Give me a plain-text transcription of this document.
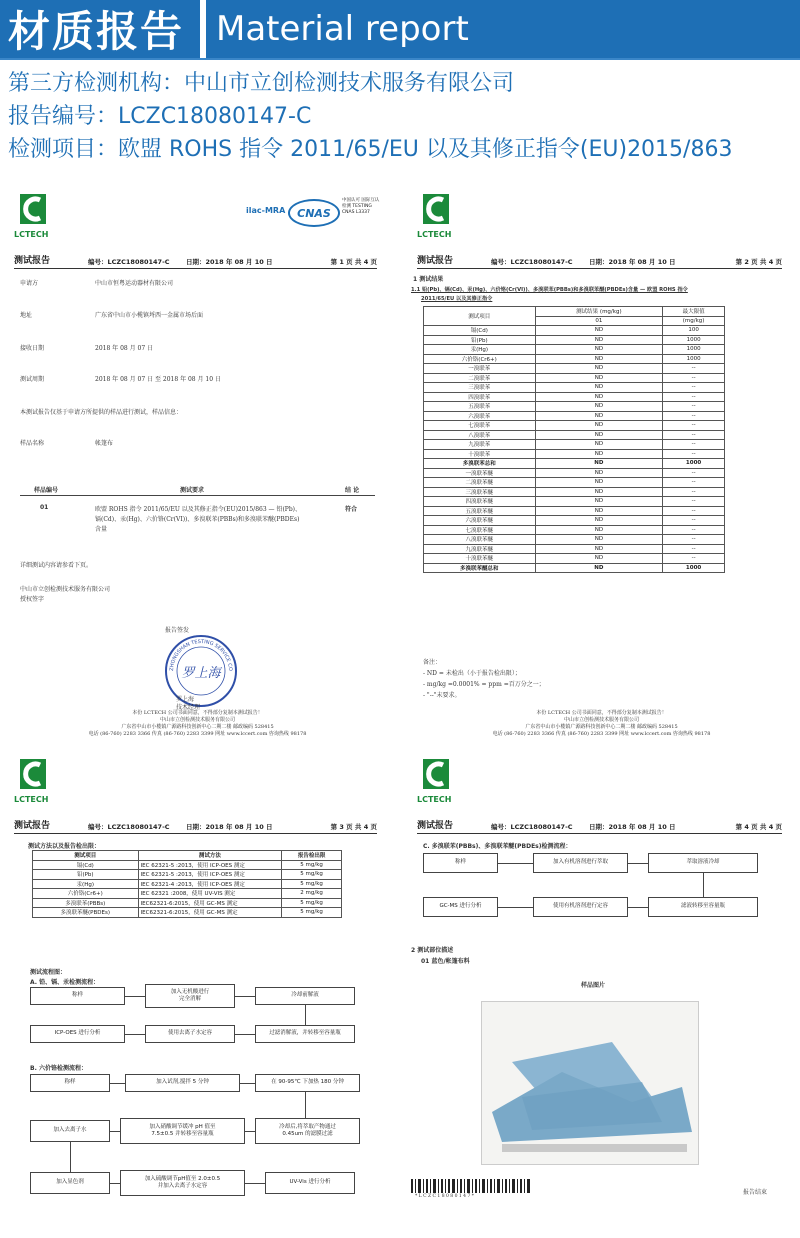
材质报告 Material report
第三方检测机构：中山市立创检测技术服务有限公司
报告编号：LCZC18080147-C
检测项目：欧盟 ROHS 指令 2011/65/EU 以及其修正指令(EU)2015/863
LCTECH
ilac-MRA	CNAS
中国认可 国际互认 检测 TESTING CNAS L3337
测试报告	编号：LCZC18080147-C	日期：2018 年 08 月 10 日	第 1 页 共 4 页
申请方	中山市恒粤运动器材有限公司
地址	广东省中山市小榄镇埒西一金属市场后面
接收日期	2018 年 08 月 07 日
测试周期	2018 年 08 月 07 日 至 2018 年 08 月 10 日
本测试报告仅基于申请方所提供的样品进行测试，样品信息：
样品名称	帐篷布
样品编号	测试要求	结 论
01	欧盟 ROHS 指令 2011/65/EU 以及其修正指令(EU)2015/863 — 铅(Pb)、
镉(Cd)、汞(Hg)、六价铬(Cr(VI))、多溴联苯(PBBs)和多溴联苯醚(PBDEs)
含量
符合
详细测试内容请参看下页。
中山市立创检测技术服务有限公司
授权签字
报告签发
ZHONGSHAN TESTING SERVICE CO
罗上海
罗上海
技术经理
本份 LCTECH 公司书面同意，不得部分复制本测试报告！
中山市立创检测技术服务有限公司
广东省中山市小榄镇广源路科技创新中心二期二楼 邮政编码 528415
电话 (86-760) 2283 3366 传真 (86-760) 2283 3399 网址 www.lccert.com 咨询热线 98178
LCTECH
测试报告	编号：LCZC18080147-C	日期：2018 年 08 月 10 日	第 2 页 共 4 页
1 测试结果
1.1 铅(Pb)、镉(Cd)、汞(Hg)、六价铬(Cr(VI))、多溴联苯(PBBs)和多溴联苯醚(PBDEs)含量 — 欧盟 ROHS 指令
2011/65/EU 以及其修正指令
测试项目	测试结果 (mg/kg)	最大限值
	01	(mg/kg)
镉(Cd)	ND	100
铅(Pb)	ND	1000
汞(Hg)	ND	1000
六价铬(Cr6+)	ND	1000
一溴联苯	ND	--
二溴联苯	ND	--
三溴联苯	ND	--
四溴联苯	ND	--
五溴联苯	ND	--
六溴联苯	ND	--
七溴联苯	ND	--
八溴联苯	ND	--
九溴联苯	ND	--
十溴联苯	ND	--
多溴联苯总和	ND	1000
一溴联苯醚	ND	--
二溴联苯醚	ND	--
三溴联苯醚	ND	--
四溴联苯醚	ND	--
五溴联苯醚	ND	--
六溴联苯醚	ND	--
七溴联苯醚	ND	--
八溴联苯醚	ND	--
九溴联苯醚	ND	--
十溴联苯醚	ND	--
多溴联苯醚总和	ND	1000
备注：
- ND = 未检出（小于报告检出限）；
- mg/kg =0.0001% = ppm =百万分之一；
- "--"未要求。
本份 LCTECH 公司书面同意，不得部分复制本测试报告！
中山市立创检测技术服务有限公司
广东省中山市小榄镇广源路科技创新中心二期二楼 邮政编码 528415
电话 (86-760) 2283 3366 传真 (86-760) 2283 3399 网址 www.lccert.com 咨询热线 98178
LCTECH
测试报告	编号：LCZC18080147-C	日期：2018 年 08 月 10 日	第 3 页 共 4 页
测试方法以及报告检出限：
测试项目	测试方法	报告检出限
镉(Cd)	IEC 62321-5 :2013，使用 ICP-OES 测定	5 mg/kg
铅(Pb)	IEC 62321-5 :2013，使用 ICP-OES 测定	5 mg/kg
汞(Hg)	IEC 62321-4 :2013，使用 ICP-OES 测定	5 mg/kg
六价铬(Cr6+)	IEC 62321 :2008，使用 UV-VIS 测定	2 mg/kg
多溴联苯(PBBs)	IEC62321-6:2015，使用 GC-MS 测定	5 mg/kg
多溴联苯醚(PBDEs)	IEC62321-6:2015，使用 GC-MS 测定	5 mg/kg
测试流程图：
A. 铅、镉、汞检测流程：
称样
加入无机酸进行
完全消解
冷却前解液
ICP-OES 进行分析	使用去离子水定容	过滤消解液，并转移至容量瓶
B. 六价铬检测流程：
称样	加入试剂,搅拌 5 分钟	在 90-95℃ 下加热 180 分钟
加入去离子水
加入硝酸调节缓冲 pH 值至
7.5±0.5 并转移至容量瓶
冷却后,将萃取产物通过
0.45um 的滤膜过滤
加入显色剂
加入硫酸调节pH值至 2.0±0.5
并加入去离子水定容
UV-Vis 进行分析
LCTECH
测试报告	编号：LCZC18080147-C	日期：2018 年 08 月 10 日	第 4 页 共 4 页
C. 多溴联苯(PBBs)、多溴联苯醚(PBDEs)检测流程：
称样	加入有机溶剂进行萃取	萃取溶液冷却
GC-MS 进行分析	使用有机溶剂进行定容	滤液转移至容量瓶
2 测试部位描述
01 蓝色/帐篷布料
样品图片
* L C Z C 1 8 0 8 0 1 4 7 *
报告结束
